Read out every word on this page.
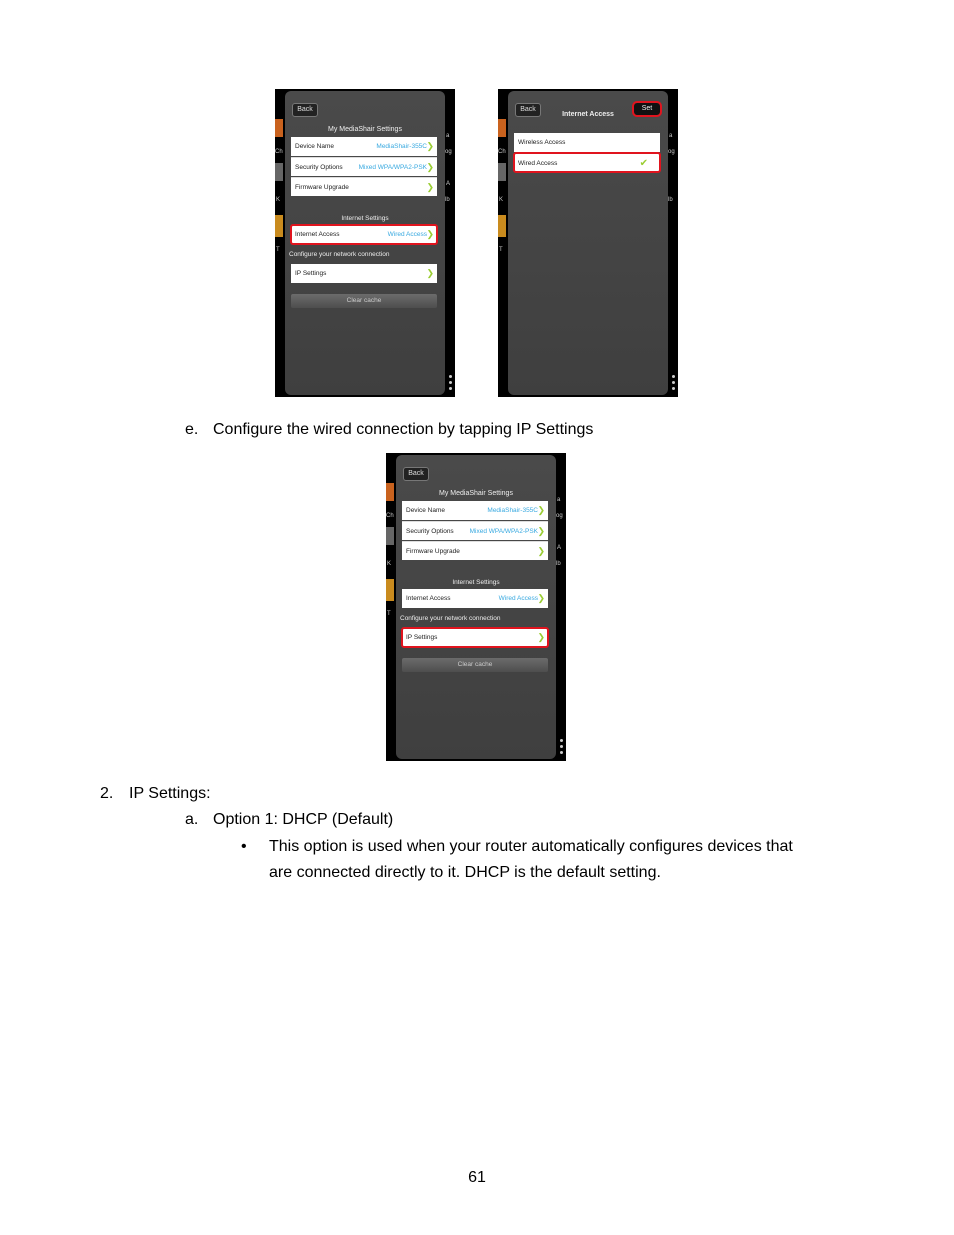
Back
My MediaShair Settings
Device Name	MediaShair-355C ❯
Security Options Mixed WPA/WPA2-PSK ❯
Firmware Upgrade	❯
Internet Settings
Internet Access	Wired Access ❯
Configure your network connection
IP Settings	❯
Clear cache
Ch
K
T
a
og
A
lb
Back
Internet Access
Set
Wireless Access
Wired Access	✔
Ch
K
T
a
og
lb
e. Configure the wired connection by tapping IP Settings
Back
My MediaShair Settings
Device Name	MediaShair-355C ❯
Security Options Mixed WPA/WPA2-PSK ❯
Firmware Upgrade	❯
Internet Settings
Internet Access	Wired Access ❯
Configure your network connection
IP Settings	❯
Clear cache
Ch
K
T
a
og
A
lb
2. IP Settings:
a. Option 1: DHCP (Default)
• This option is used when your router automatically configures devices that
are connected directly to it. DHCP is the default setting.
61
